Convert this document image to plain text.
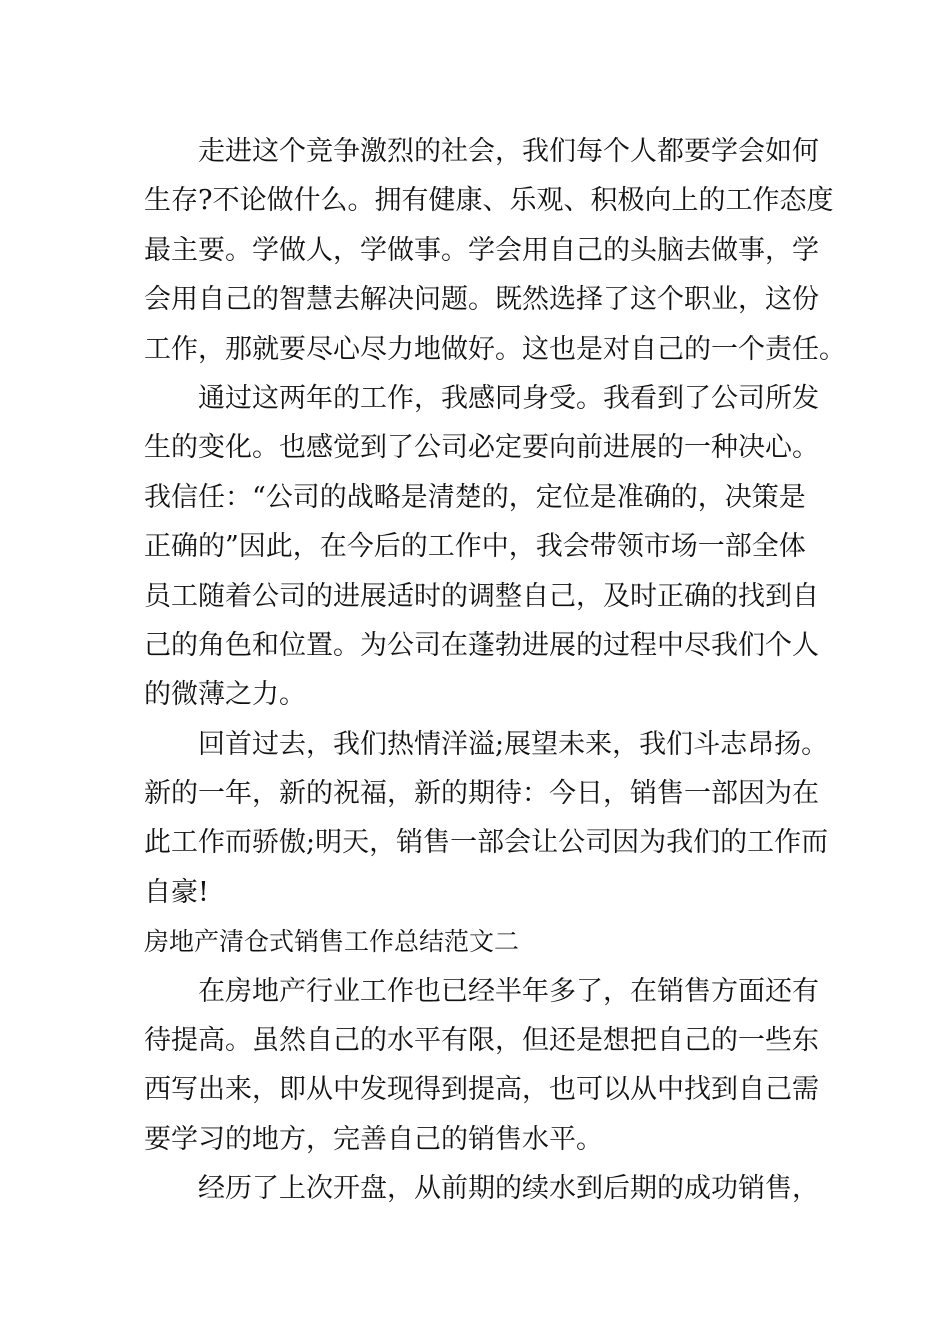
走进这个竞争激烈的社会，我们每个人都要学会如何
生存?不论做什么。拥有健康、乐观、积极向上的工作态度
最主要。学做人，学做事。学会用自己的头脑去做事，学
会用自己的智慧去解决问题。既然选择了这个职业，这份
工作，那就要尽心尽力地做好。这也是对自己的一个责任。
通过这两年的工作，我感同身受。我看到了公司所发
生的变化。也感觉到了公司必定要向前进展的一种决心。
我信任：“公司的战略是清楚的，定位是准确的，决策是
正确的”因此，在今后的工作中，我会带领市场一部全体
员工随着公司的进展适时的调整自己，及时正确的找到自
己的角色和位置。为公司在蓬勃进展的过程中尽我们个人
的微薄之力。
回首过去，我们热情洋溢;展望未来，我们斗志昂扬。
新的一年，新的祝福，新的期待：今日，销售一部因为在
此工作而骄傲;明天，销售一部会让公司因为我们的工作而
自豪!
房地产清仓式销售工作总结范文二
在房地产行业工作也已经半年多了，在销售方面还有
待提高。虽然自己的水平有限，但还是想把自己的一些东
西写出来，即从中发现得到提高，也可以从中找到自己需
要学习的地方，完善自己的销售水平。
经历了上次开盘，从前期的续水到后期的成功销售，
